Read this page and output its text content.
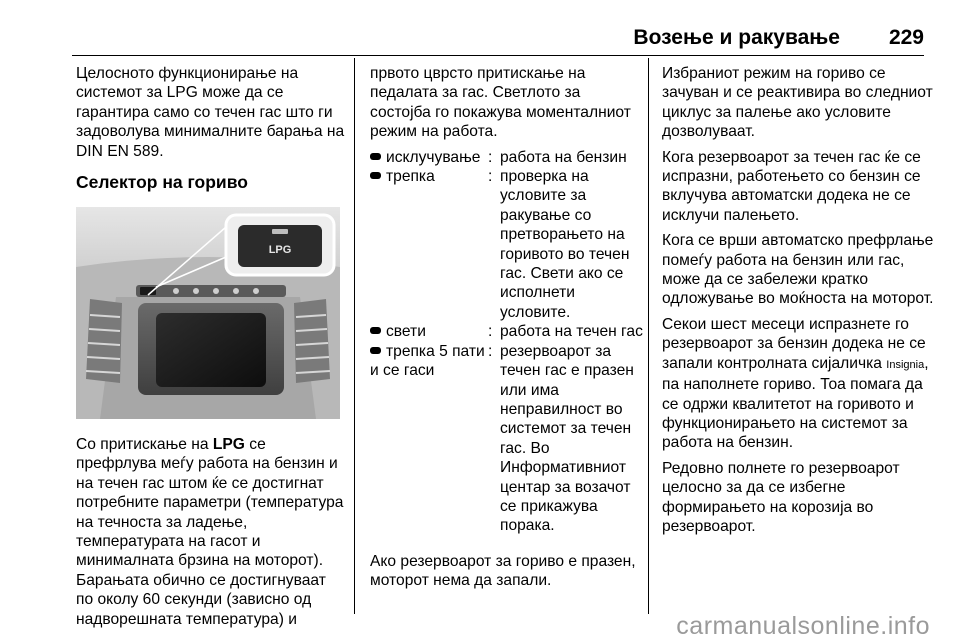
Возење и ракување 229

Целосното функционирање на системот за LPG може да се гарантира само со течен гас што ги задоволува минималните барања на DIN EN 589.

Селектор на гориво
LPG

Со притискање на LPG се префрлува меѓу работа на бензин и на течен гас штом ќе се достигнат потребните параметри (температура на течноста за ладење, температурата на гасот и минималната брзина на моторот). Барањата обично се достигнуваат по околу 60 секунди (зависно од надворешната температура) и

првото цврсто притискање на педалата за гас. Светлото за состојба го покажува моменталниот режим на работа.

исклучување	:	работа на бензин
трепка	:	проверка на условите за ракување со претворањето на горивото во течен гас. Свети ако се исполнети условите.
свети	:	работа на течен гас
трепка 5 пати и се гаси	:	резервоарот за течен гас е празен или има неправилност во системот за течен гас. Во Информативниот центар за возачот се прикажува порака.

Ако резервоарот за гориво е празен, моторот нема да запали.

Избраниот режим на гориво се зачуван и се реактивира во следниот циклус за палење ако условите дозволуваат.

Кога резервоарот за течен гас ќе се испразни, работењето со бензин се вклучува автоматски додека не се исклучи палењето.

Кога се врши автоматско префрлање помеѓу работа на бензин или гас, може да се забележи кратко одложување во моќноста на моторот.

Секои шест месеци испразнете го резервоарот за бензин додека не се запали контролната сијаличка Insignia, па наполнете гориво. Тоа помага да се одржи квалитетот на горивото и функционирањето на системот за работа на бензин.

Редовно полнете го резервоарот целосно за да се избегне формирањето на корозија во резервоарот.

carmanualsonline.info
